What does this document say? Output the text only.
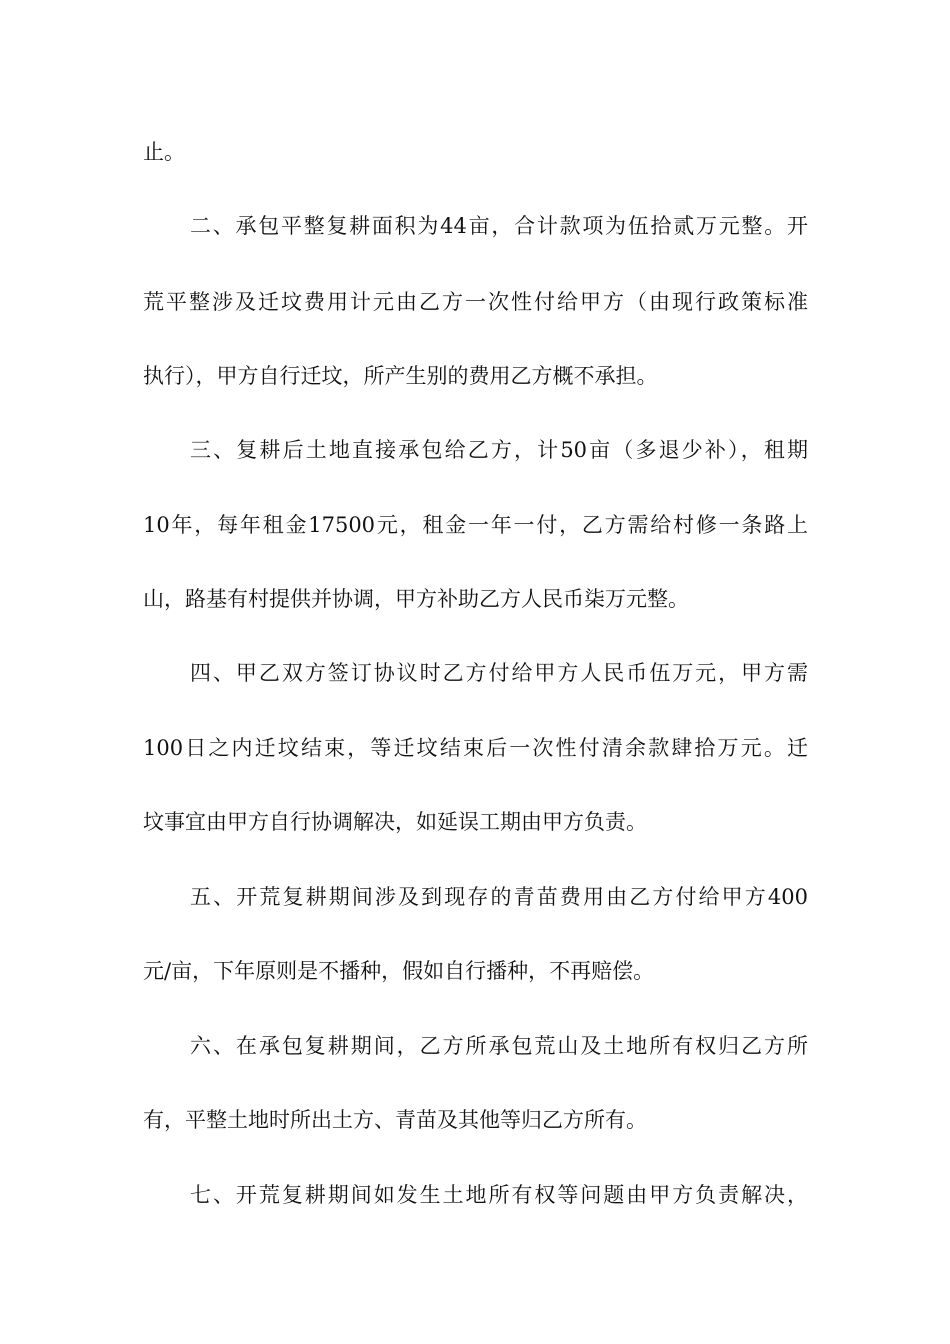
止。
二、承包平整复耕面积为44亩，合计款项为伍拾贰万元整。开
荒平整涉及迁坟费用计元由乙方一次性付给甲方（由现行政策标准
执行），甲方自行迁坟，所产生别的费用乙方概不承担。
三、复耕后土地直接承包给乙方，计50亩（多退少补），租期
10年，每年租金17500元，租金一年一付，乙方需给村修一条路上
山，路基有村提供并协调，甲方补助乙方人民币柒万元整。
四、甲乙双方签订协议时乙方付给甲方人民币伍万元，甲方需
100日之内迁坟结束，等迁坟结束后一次性付清余款肆拾万元。迁
坟事宜由甲方自行协调解决，如延误工期由甲方负责。
五、开荒复耕期间涉及到现存的青苗费用由乙方付给甲方400
元/亩，下年原则是不播种，假如自行播种，不再赔偿。
六、在承包复耕期间，乙方所承包荒山及土地所有权归乙方所
有，平整土地时所出土方、青苗及其他等归乙方所有。
七、开荒复耕期间如发生土地所有权等问题由甲方负责解决，
